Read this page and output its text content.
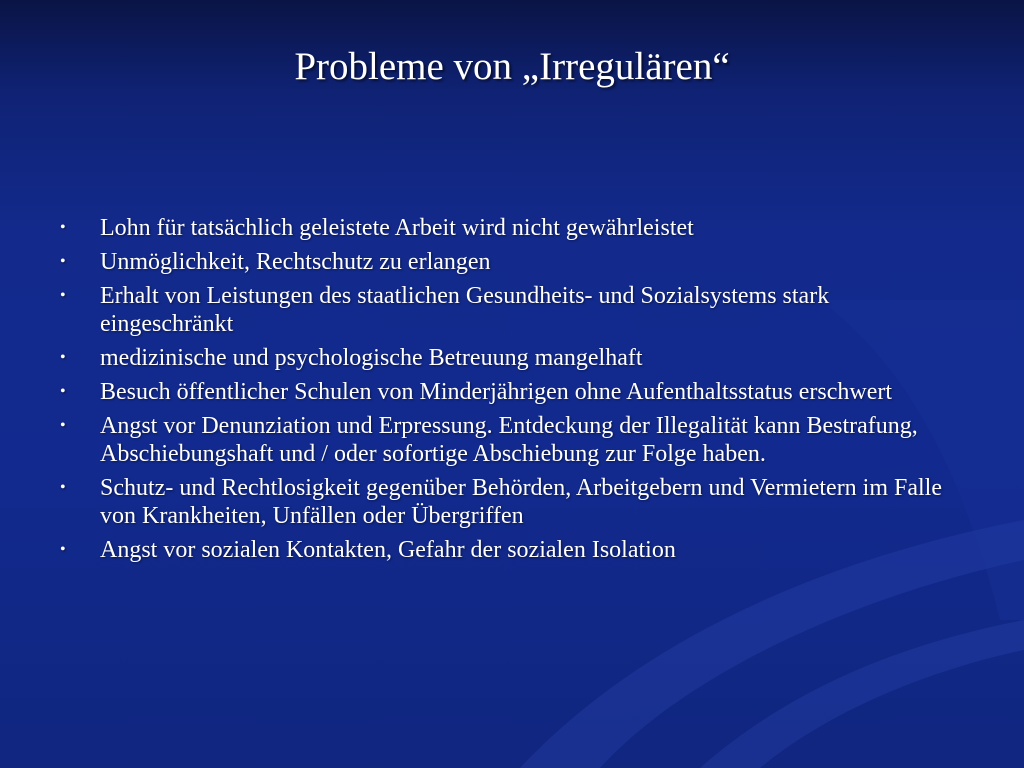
Probleme von „Irregulären“
•	Lohn für tatsächlich geleistete Arbeit wird nicht gewährleistet
•	Unmöglichkeit, Rechtschutz zu erlangen
•	Erhalt von Leistungen des staatlichen Gesundheits- und Sozialsystems stark eingeschränkt
•	medizinische und psychologische Betreuung mangelhaft
•	Besuch öffentlicher Schulen von Minderjährigen ohne Aufenthaltsstatus erschwert
•	Angst vor Denunziation und Erpressung. Entdeckung der Illegalität kann Bestrafung, Abschiebungshaft und / oder sofortige Abschiebung zur Folge haben.
•	Schutz- und Rechtlosigkeit gegenüber Behörden, Arbeitgebern und Vermietern im Falle von Krankheiten, Unfällen oder Übergriffen
•	Angst vor sozialen Kontakten, Gefahr der sozialen Isolation
